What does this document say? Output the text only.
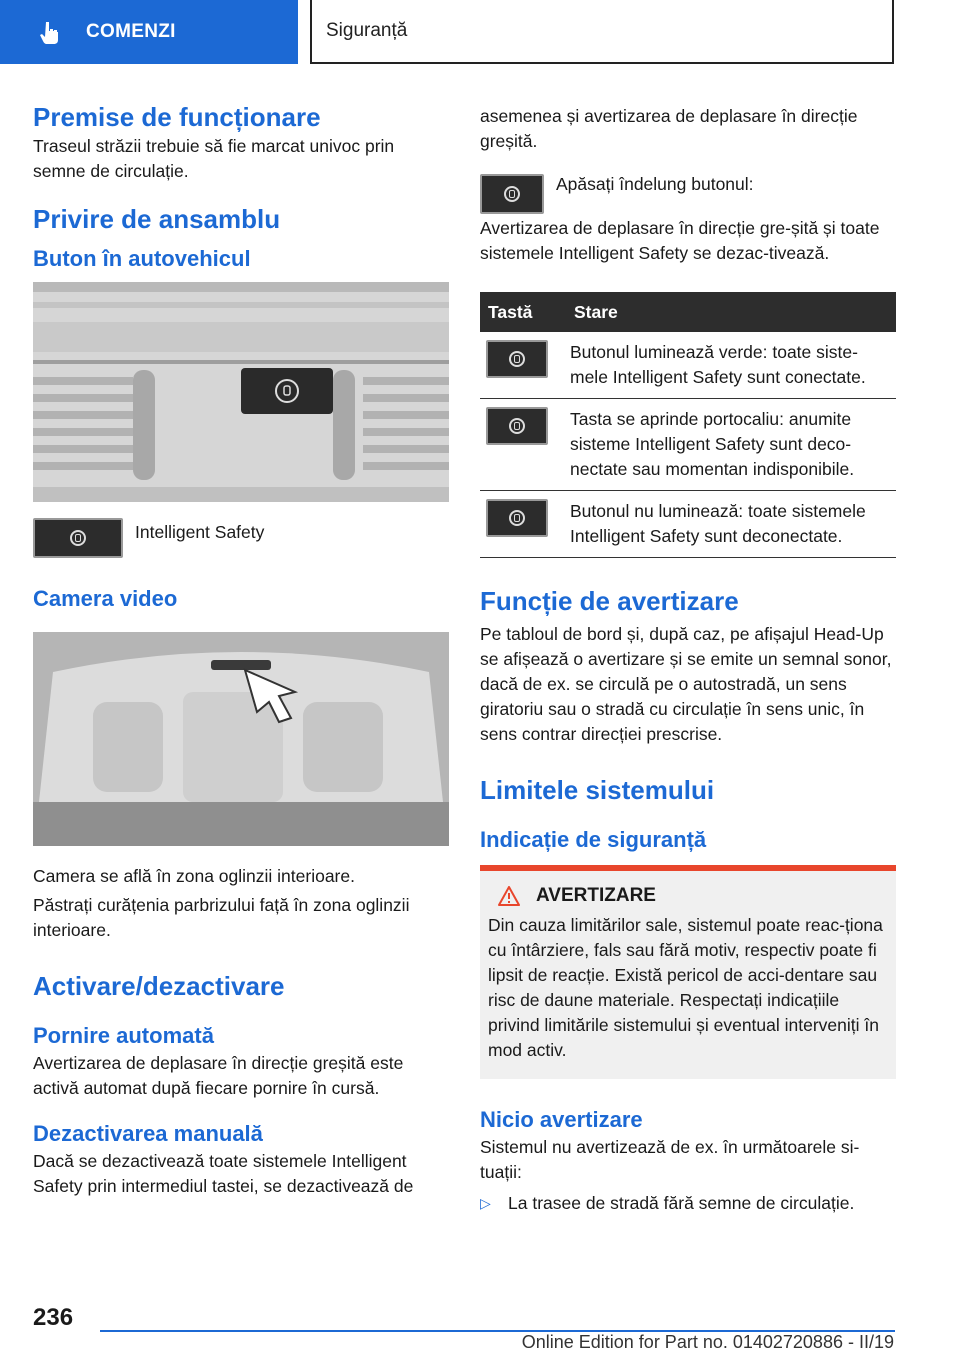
COMENZI	Siguranță
Premise de funcționare

Traseul străzii trebuie să fie marcat univoc prin semne de circulație.

Privire de ansamblu
Buton în autovehicul

Intelligent Safety

Camera video

Camera se află în zona oglinzii interioare.

Păstrați curățenia parbrizului față în zona oglinzii interioare.

Activare/dezactivare
Pornire automată

Avertizarea de deplasare în direcție greșită este activă automat după fiecare pornire în cursă.

Dezactivarea manuală

Dacă se dezactivează toate sistemele Intelligent Safety prin intermediul tastei, se dezactivează de

asemenea și avertizarea de deplasare în direcție greșită.

Apăsați îndelung butonul:

Avertizarea de deplasare în direcție gre-șită și toate sistemele Intelligent Safety se dezac-tivează.

Tastă	Stare

	Butonul luminează verde: toate siste-mele Intelligent Safety sunt conectate.

	Tasta se aprinde portocaliu: anumite sisteme Intelligent Safety sunt deco-nectate sau momentan indisponibile.

	Butonul nu luminează: toate sistemele Intelligent Safety sunt deconectate.
Funcție de avertizare

Pe tabloul de bord și, după caz, pe afișajul Head-Up se afișează o avertizare și se emite un semnal sonor, dacă de ex. se circulă pe o autostradă, un sens giratoriu sau o stradă cu circulație în sens unic, în sens contrar direcției prescrise.

Limitele sistemului
Indicație de siguranță
AVERTIZARE

Din cauza limitărilor sale, sistemul poate reac-ționa cu întârziere, fals sau fără motiv, respectiv poate fi lipsit de reacție. Există pericol de acci-dentare sau risc de daune materiale. Respectați indicațiile privind limitările sistemului și eventual interveniți în mod activ.

Nicio avertizare

Sistemul nu avertizează de ex. în următoarele si-tuații:

▷ La trasee de stradă fără semne de circulație.

236
Online Edition for Part no. 01402720886 - II/19
